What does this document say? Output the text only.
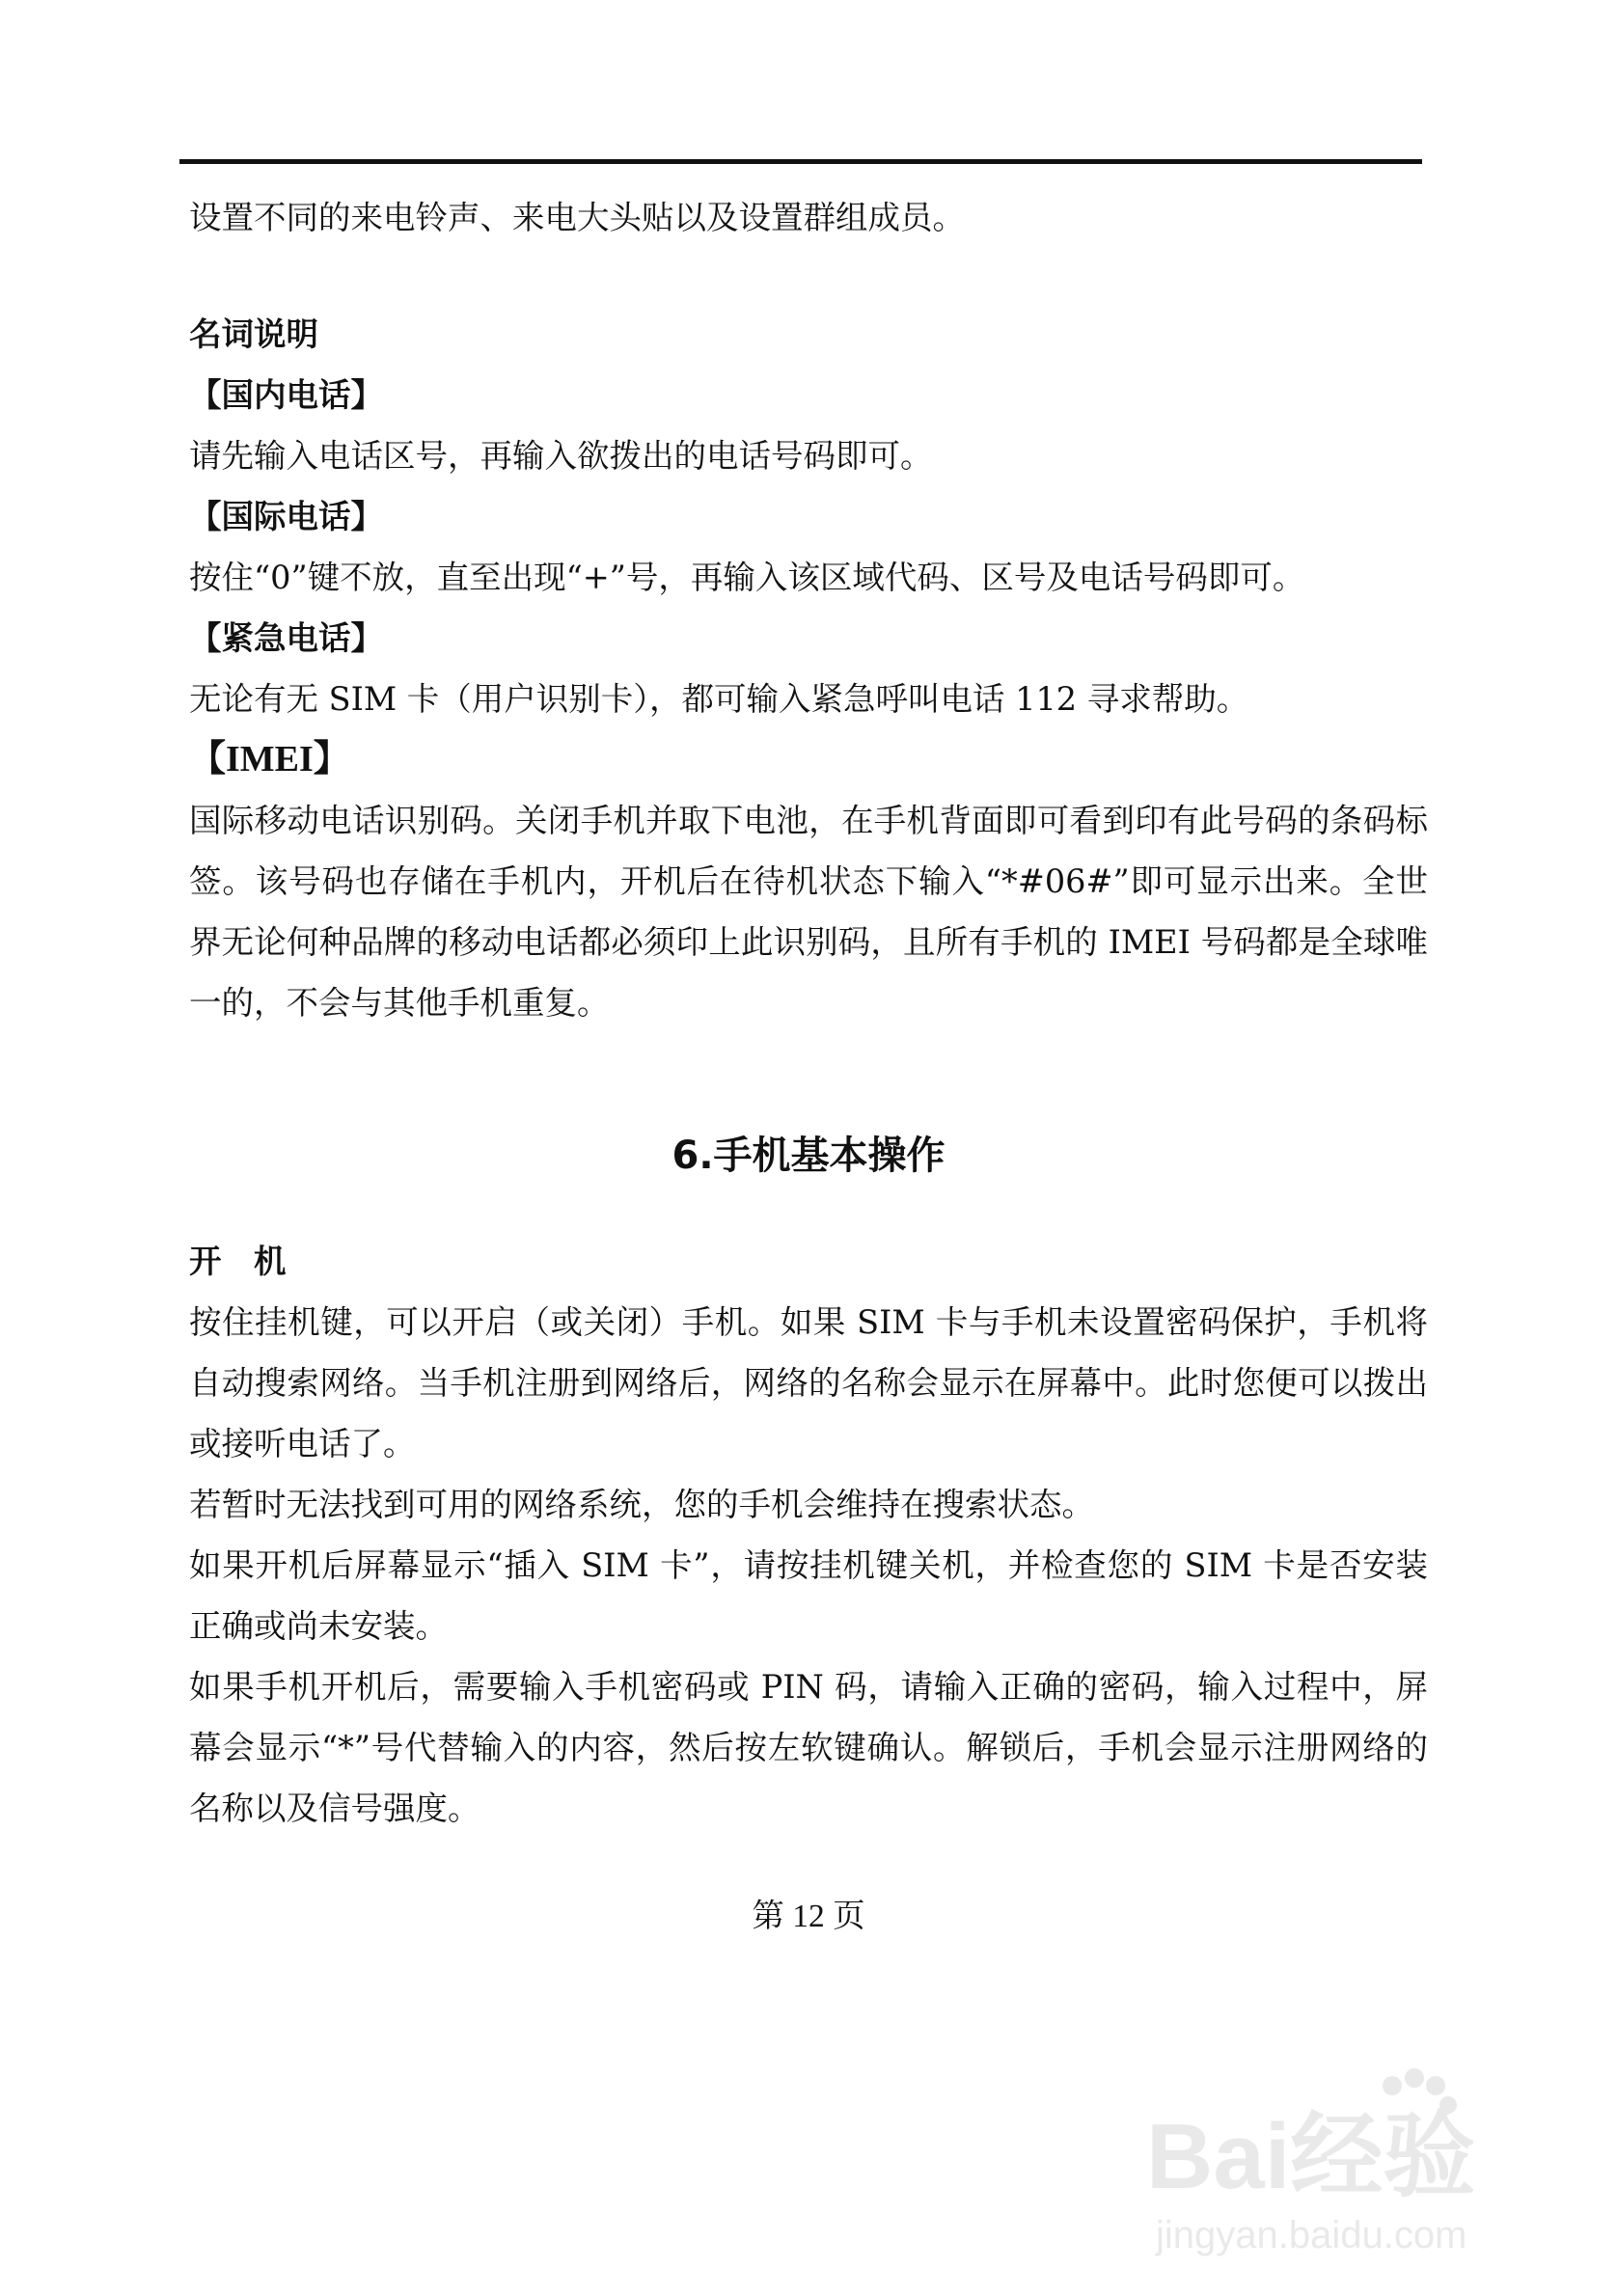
设置不同的来电铃声、来电大头贴以及设置群组成员。

名词说明

【国内电话】

请先输入电话区号，再输入欲拨出的电话号码即可。

【国际电话】

按住“0”键不放，直至出现“+”号，再输入该区域代码、区号及电话号码即可。

【紧急电话】

无论有无 SIM 卡（用户识别卡），都可输入紧急呼叫电话 112 寻求帮助。

【IMEI】

国际移动电话识别码。关闭手机并取下电池，在手机背面即可看到印有此号码的条码标签。该号码也存储在手机内，开机后在待机状态下输入“*#06#”即可显示出来。全世界无论何种品牌的移动电话都必须印上此识别码，且所有手机的 IMEI 号码都是全球唯一的，不会与其他手机重复。

6.手机基本操作

开　机

按住挂机键，可以开启（或关闭）手机。如果 SIM 卡与手机未设置密码保护，手机将自动搜索网络。当手机注册到网络后，网络的名称会显示在屏幕中。此时您便可以拨出或接听电话了。

若暂时无法找到可用的网络系统，您的手机会维持在搜索状态。

如果开机后屏幕显示“插入 SIM 卡”，请按挂机键关机，并检查您的 SIM 卡是否安装正确或尚未安装。

如果手机开机后，需要输入手机密码或 PIN 码，请输入正确的密码，输入过程中，屏幕会显示“*”号代替输入的内容，然后按左软键确认。解锁后，手机会显示注册网络的名称以及信号强度。

第 12 页
Bai经验
jingyan.baidu.com
